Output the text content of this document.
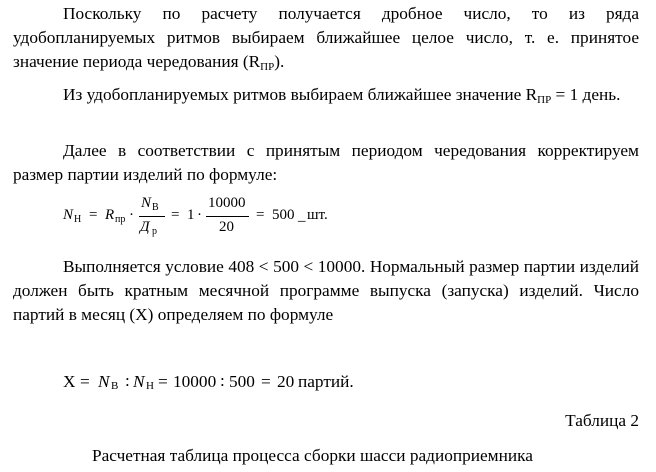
Поскольку по расчету получается дробное число, то из ряда удобопланируемых ритмов выбираем ближайшее целое число, т. е. принятое значение периода чередования $(R_{ПР})$.
Из удобопланируемых ритмов выбираем ближайшее значение $R_{ПР} = 1$ день.
Далее в соответствии с принятым периодом чередования корректируем размер партии изделий по формуле:
N Н = R пр ·
N В
Д р
= 1 ·
10000
20
= 500 _ шт.
Выполняется условие 408 < 500 < 10000. Нормальный размер партии изделий должен быть кратным месячной программе выпуска (запуска) изделий. Число партий в месяц (Х) определяем по формуле
Х = N В : N Н = 10000 : 500 = 20 партий.
Таблица 2
Расчетная таблица процесса сборки шасси радиоприемника
